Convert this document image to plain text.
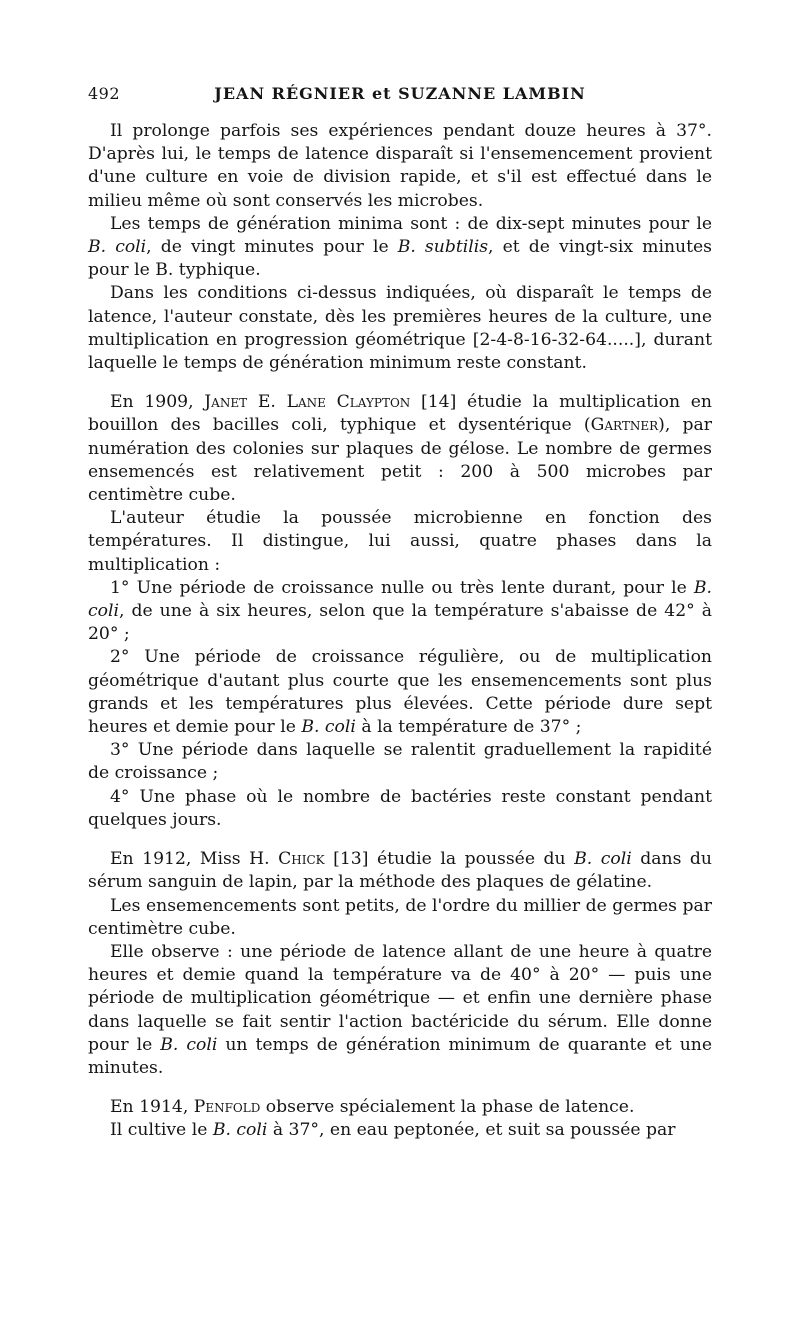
492	JEAN RÉGNIER et SUZANNE LAMBIN

Il prolonge parfois ses expériences pendant douze heures à 37°. D'après lui, le temps de latence disparaît si l'ensemencement provient d'une culture en voie de division rapide, et s'il est effectué dans le milieu même où sont conservés les microbes.

Les temps de génération minima sont : de dix-sept minutes pour le B. coli, de vingt minutes pour le B. subtilis, et de vingt-six minutes pour le B. typhique.

Dans les conditions ci-dessus indiquées, où disparaît le temps de latence, l'auteur constate, dès les premières heures de la culture, une multiplication en progression géométrique [2-4-8-16-32-64.....], durant laquelle le temps de génération minimum reste constant.

En 1909, Janet E. Lane Claypton [14] étudie la multiplication en bouillon des bacilles coli, typhique et dysentérique (Gartner), par numération des colonies sur plaques de gélose. Le nombre de germes ensemencés est relativement petit : 200 à 500 microbes par centimètre cube.

L'auteur étudie la poussée microbienne en fonction des températures. Il distingue, lui aussi, quatre phases dans la multiplication :

1° Une période de croissance nulle ou très lente durant, pour le B. coli, de une à six heures, selon que la température s'abaisse de 42° à 20° ;

2° Une période de croissance régulière, ou de multiplication géométrique d'autant plus courte que les ensemencements sont plus grands et les températures plus élevées. Cette période dure sept heures et demie pour le B. coli à la température de 37° ;

3° Une période dans laquelle se ralentit graduellement la rapidité de croissance ;

4° Une phase où le nombre de bactéries reste constant pendant quelques jours.

En 1912, Miss H. Chick [13] étudie la poussée du B. coli dans du sérum sanguin de lapin, par la méthode des plaques de gélatine.

Les ensemencements sont petits, de l'ordre du millier de germes par centimètre cube.

Elle observe : une période de latence allant de une heure à quatre heures et demie quand la température va de 40° à 20° — puis une période de multiplication géométrique — et enfin une dernière phase dans laquelle se fait sentir l'action bactéricide du sérum. Elle donne pour le B. coli un temps de génération minimum de quarante et une minutes.

En 1914, Penfold observe spécialement la phase de latence.

Il cultive le B. coli à 37°, en eau peptonée, et suit sa poussée par
